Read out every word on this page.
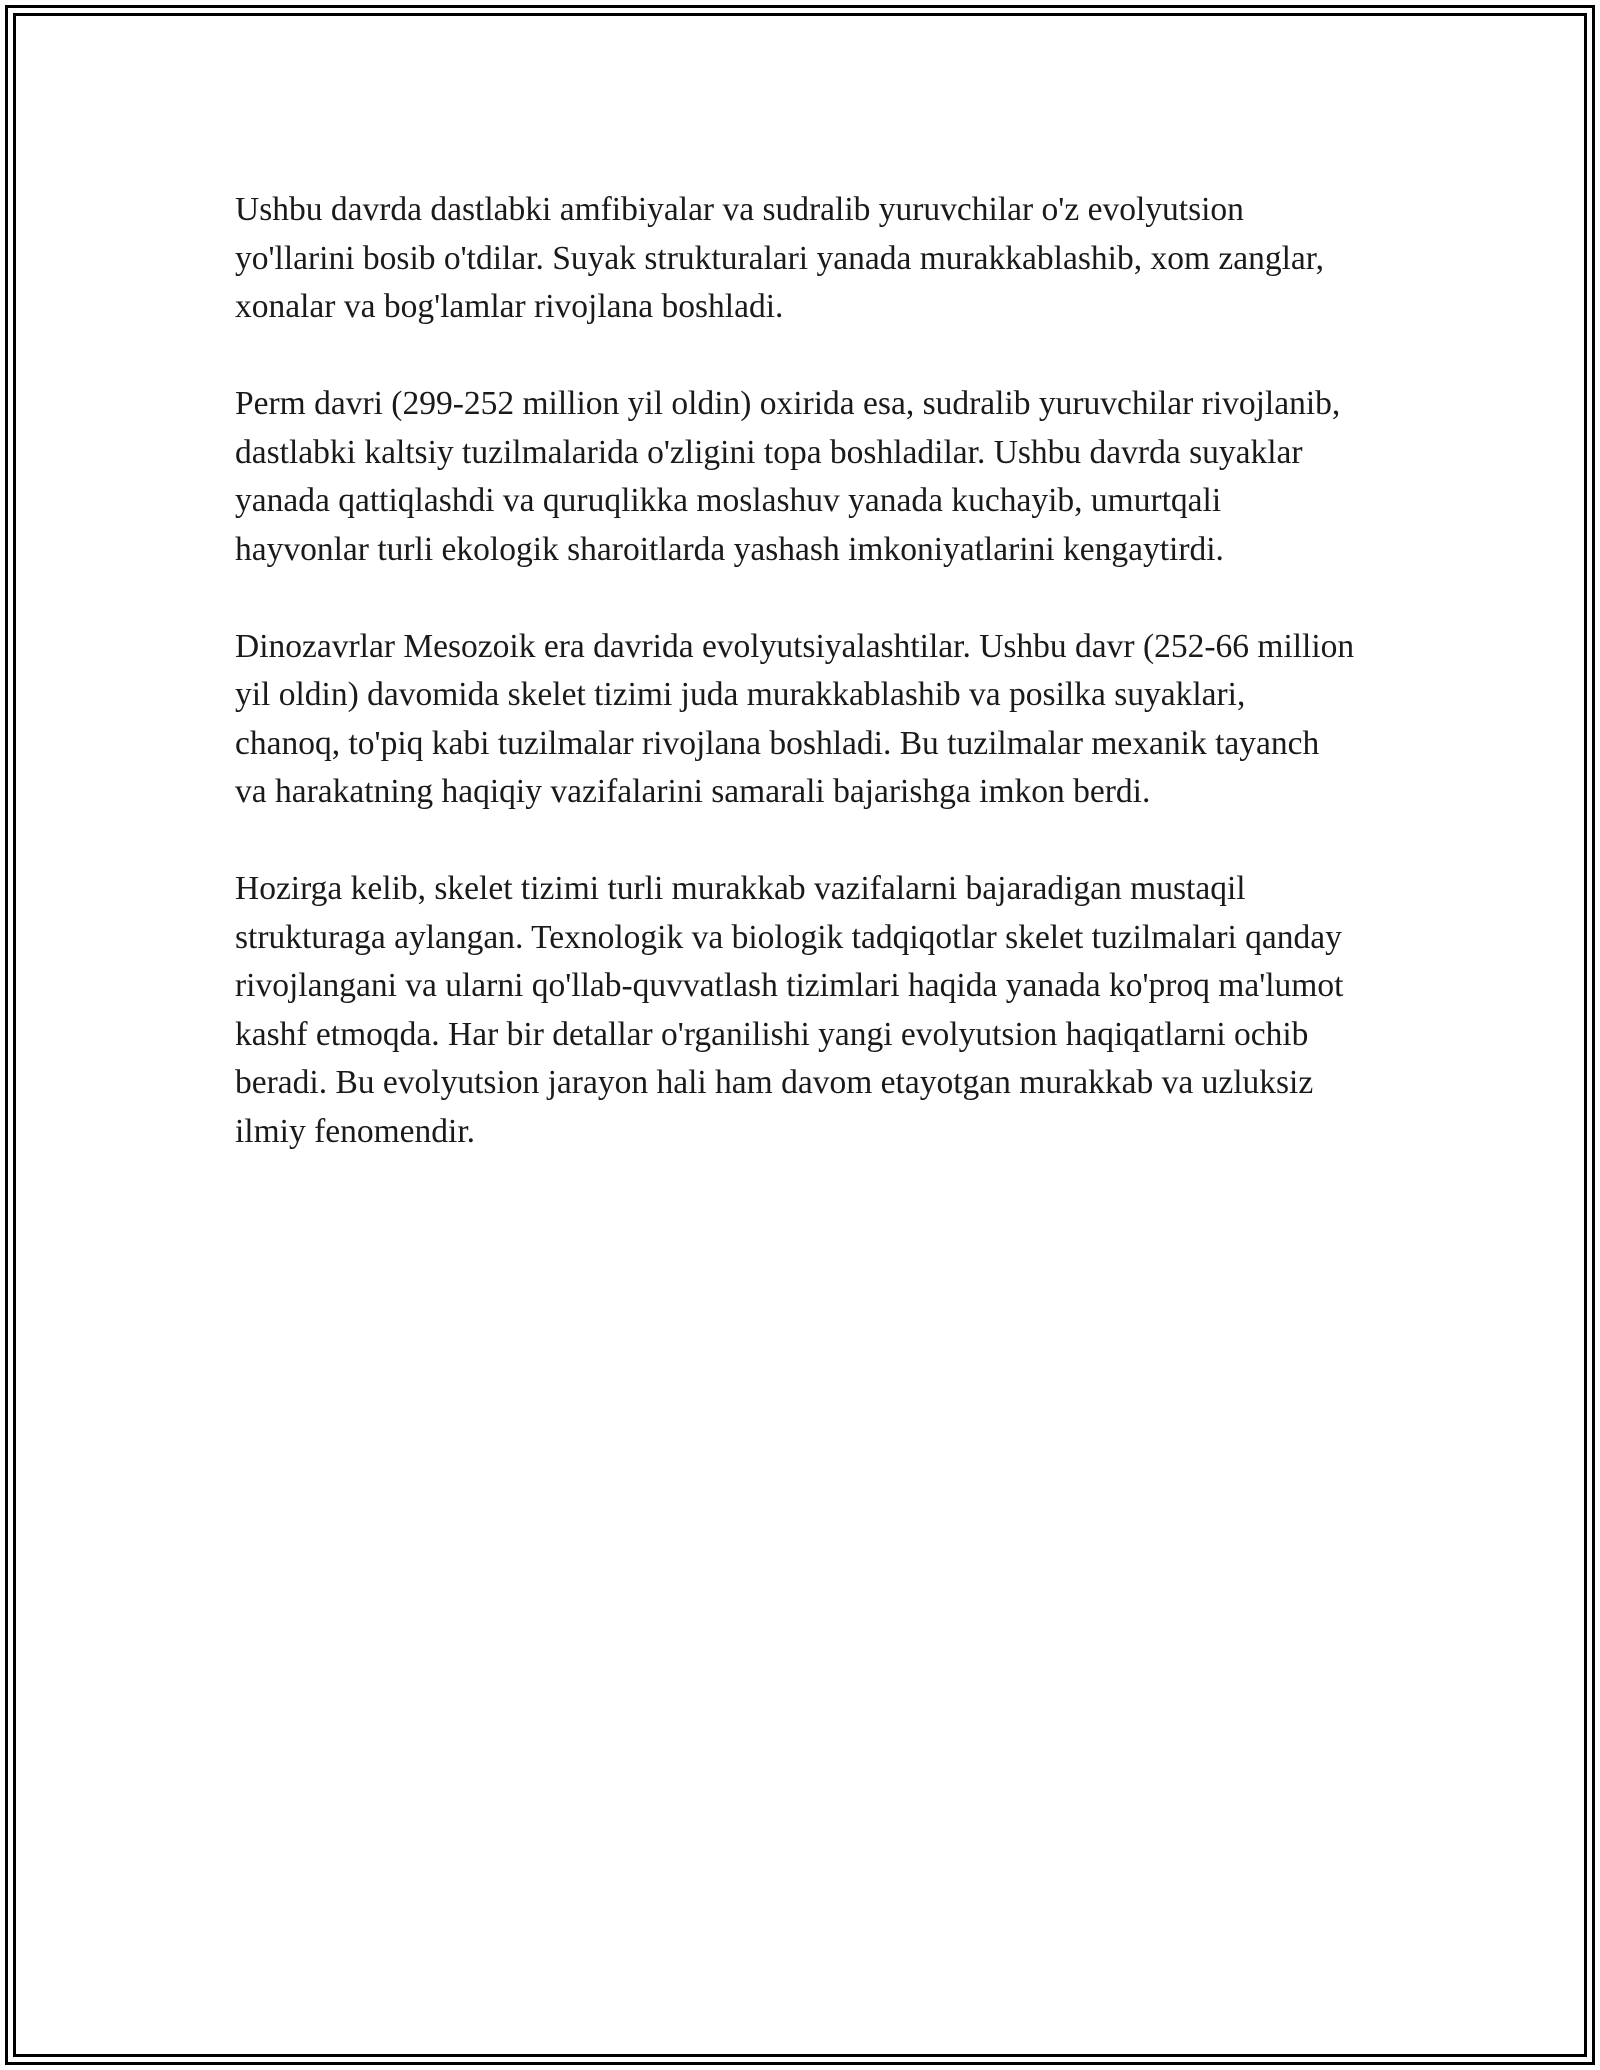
Ushbu davrda dastlabki amfibiyalar va sudralib yuruvchilar o'z evolyutsion yo'llarini bosib o'tdilar. Suyak strukturalari yanada murakkablashib, xom zanglar, xonalar va bog'lamlar rivojlana boshladi.

Perm davri (299-252 million yil oldin) oxirida esa, sudralib yuruvchilar rivojlanib, dastlabki kaltsiy tuzilmalarida o'zligini topa boshladilar. Ushbu davrda suyaklar yanada qattiqlashdi va quruqlikka moslashuv yanada kuchayib, umurtqali hayvonlar turli ekologik sharoitlarda yashash imkoniyatlarini kengaytirdi.

Dinozavrlar Mesozoik era davrida evolyutsiyalashtilar. Ushbu davr (252-66 million yil oldin) davomida skelet tizimi juda murakkablashib va posilka suyaklari, chanoq, to'piq kabi tuzilmalar rivojlana boshladi. Bu tuzilmalar mexanik tayanch va harakatning haqiqiy vazifalarini samarali bajarishga imkon berdi.

Hozirga kelib, skelet tizimi turli murakkab vazifalarni bajaradigan mustaqil strukturaga aylangan. Texnologik va biologik tadqiqotlar skelet tuzilmalari qanday rivojlangani va ularni qo'llab-quvvatlash tizimlari haqida yanada ko'proq ma'lumot kashf etmoqda. Har bir detallar o'rganilishi yangi evolyutsion haqiqatlarni ochib beradi. Bu evolyutsion jarayon hali ham davom etayotgan murakkab va uzluksiz ilmiy fenomendir.
